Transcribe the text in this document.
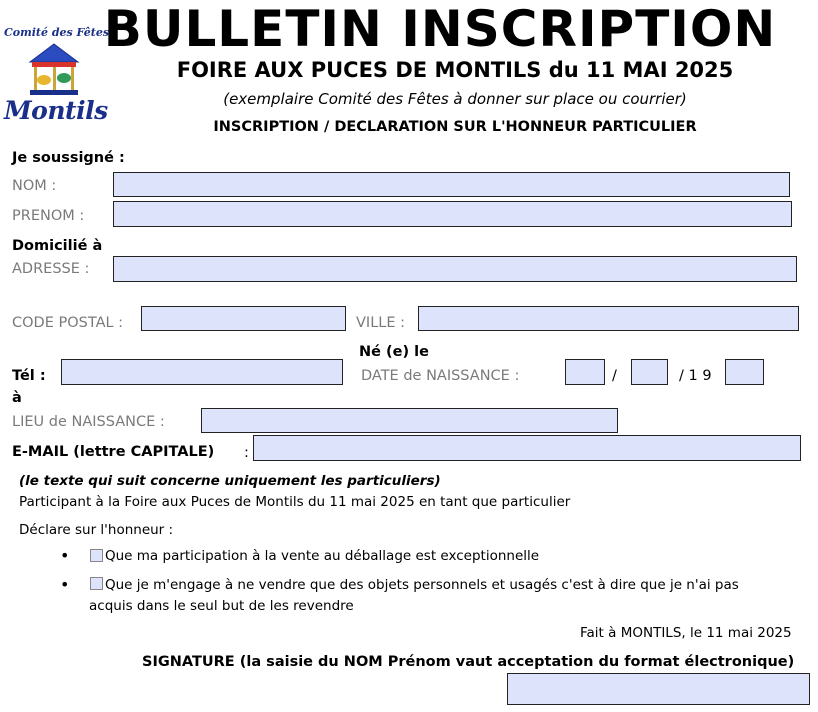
Comité des Fêtes
Montils
BULLETIN INSCRIPTION
FOIRE AUX PUCES DE MONTILS du 11 MAI 2025
(exemplaire Comité des Fêtes à donner sur place ou courrier)
INSCRIPTION / DECLARATION SUR L'HONNEUR PARTICULIER
Je soussigné :
NOM :
PRENOM :
Domicilié à
ADRESSE :
CODE POSTAL :	VILLE :
Né (e) le
Tél :	DATE de NAISSANCE :	/	/ 1 9
à
LIEU de NAISSANCE :
E-MAIL (lettre CAPITALE) :
(le texte qui suit concerne uniquement les particuliers)
Participant à la Foire aux Puces de Montils du 11 mai 2025 en tant que particulier
Déclare sur l'honneur :
•	Que ma participation à la vente au déballage est exceptionnelle
•	Que je m'engage à ne vendre que des objets personnels et usagés c'est à dire que je n'ai pas
acquis dans le seul but de les revendre
Fait à MONTILS, le 11 mai 2025
SIGNATURE (la saisie du NOM Prénom vaut acceptation du format électronique)
